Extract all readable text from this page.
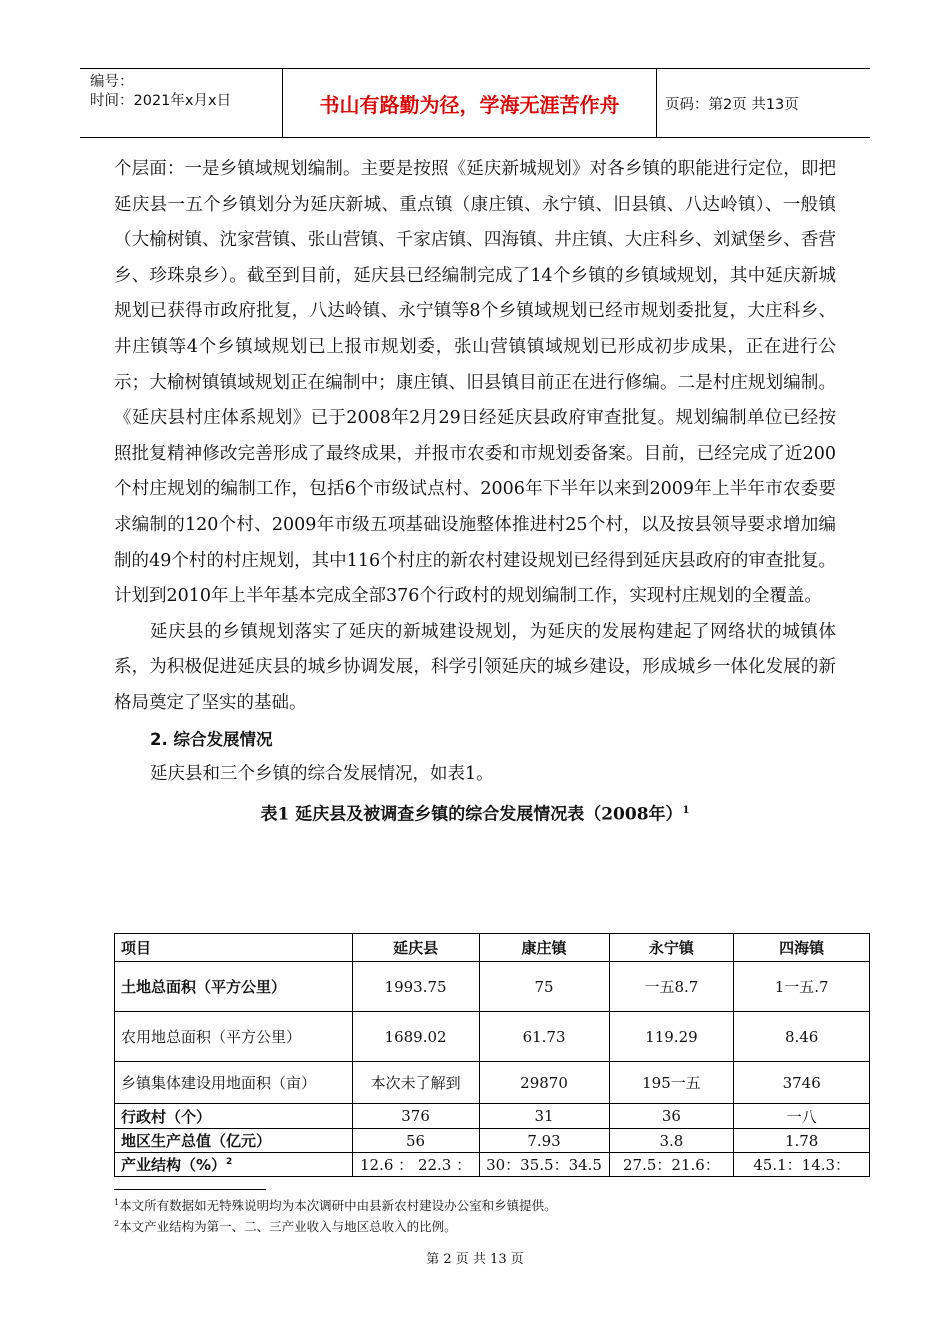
编号：
时间：2021年x月x日	书山有路勤为径，学海无涯苦作舟	页码：第2页 共13页

个层面：一是乡镇域规划编制。主要是按照《延庆新城规划》对各乡镇的职能进行定位，即把延庆县一五个乡镇划分为延庆新城、重点镇（康庄镇、永宁镇、旧县镇、八达岭镇）、一般镇（大榆树镇、沈家营镇、张山营镇、千家店镇、四海镇、井庄镇、大庄科乡、刘斌堡乡、香营乡、珍珠泉乡）。截至到目前，延庆县已经编制完成了14个乡镇的乡镇域规划，其中延庆新城规划已获得市政府批复，八达岭镇、永宁镇等8个乡镇域规划已经市规划委批复，大庄科乡、井庄镇等4个乡镇域规划已上报市规划委，张山营镇镇域规划已形成初步成果，正在进行公示；大榆树镇镇域规划正在编制中；康庄镇、旧县镇目前正在进行修编。二是村庄规划编制。《延庆县村庄体系规划》已于2008年2月29日经延庆县政府审查批复。规划编制单位已经按照批复精神修改完善形成了最终成果，并报市农委和市规划委备案。目前，已经完成了近200个村庄规划的编制工作，包括6个市级试点村、2006年下半年以来到2009年上半年市农委要求编制的120个村、2009年市级五项基础设施整体推进村25个村，以及按县领导要求增加编制的49个村的村庄规划，其中116个村庄的新农村建设规划已经得到延庆县政府的审查批复。计划到2010年上半年基本完成全部376个行政村的规划编制工作，实现村庄规划的全覆盖。

延庆县的乡镇规划落实了延庆的新城建设规划，为延庆的发展构建起了网络状的城镇体系，为积极促进延庆县的城乡协调发展，科学引领延庆的城乡建设，形成城乡一体化发展的新格局奠定了坚实的基础。

2. 综合发展情况

延庆县和三个乡镇的综合发展情况，如表1。

表1 延庆县及被调查乡镇的综合发展情况表（2008年）$^1$

项目	延庆县	康庄镇	永宁镇	四海镇
土地总面积（平方公里）	1993.75	75	一五8.7	1一五.7
农用地总面积（平方公里）	1689.02	61.73	119.29	8.46
乡镇集体建设用地面积（亩）	本次未了解到	29870	195一五	3746
行政村（个）	376	31	36	一八
地区生产总值（亿元）	56	7.93	3.8	1.78
产业结构（%）$^2$	12.6 ： 22.3 ：	30：35.5：34.5	27.5：21.6：	45.1：14.3：
$^1$本文所有数据如无特殊说明均为本次调研中由县新农村建设办公室和乡镇提供。
$^2$本文产业结构为第一、二、三产业收入与地区总收入的比例。
第 2 页 共 13 页
